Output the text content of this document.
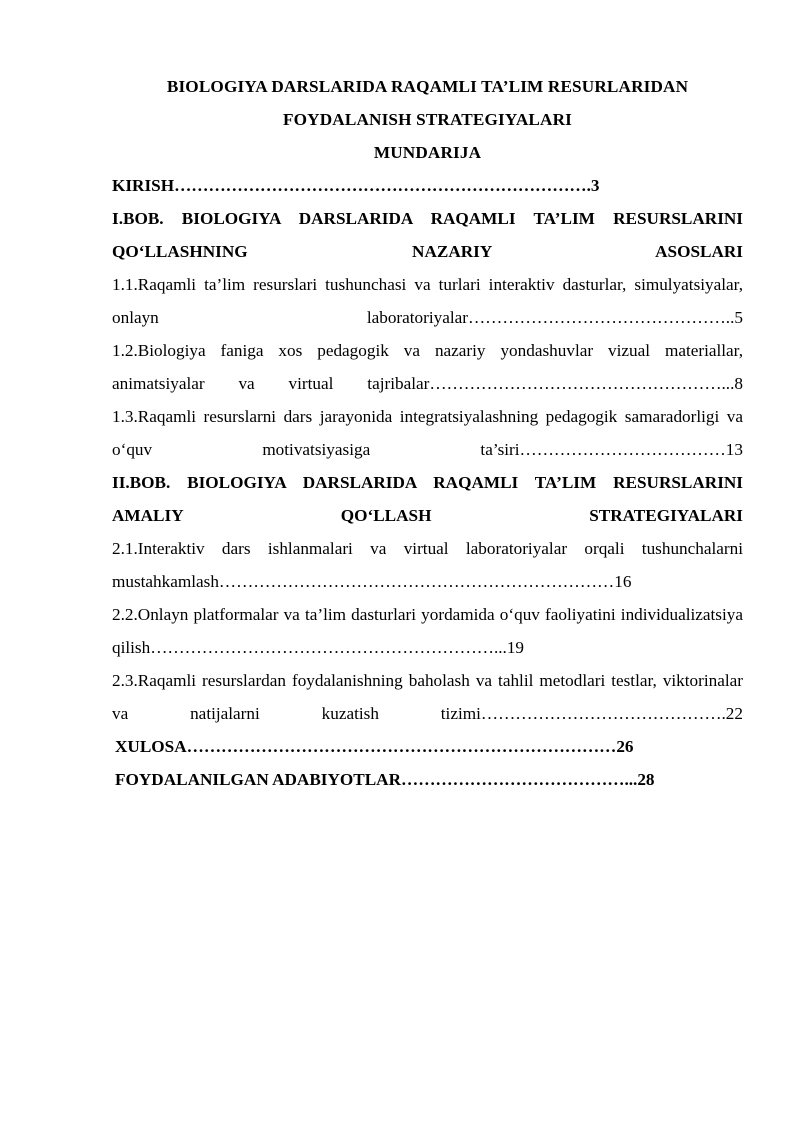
BIOLOGIYA DARSLARIDA RAQAMLI TA’LIM RESURLARIDAN
FOYDALANISH STRATEGIYALARI
MUNDARIJA
KIRISH……………………………………………………………….3
I.BOB. BIOLOGIYA DARSLARIDA RAQAMLI TA’LIM RESURSLARINI QO‘LLASHNING NAZARIY ASOSLARI
1.1.Raqamli ta’lim resurslari tushunchasi va turlari interaktiv dasturlar, simulyatsiyalar, onlayn laboratoriyalar………………………………………..5
1.2.Biologiya faniga xos pedagogik va nazariy yondashuvlar vizual materiallar, animatsiyalar va virtual tajribalar……………………………………………...8
1.3.Raqamli resurslarni dars jarayonida integratsiyalashning pedagogik samaradorligi va o‘quv motivatsiyasiga ta’siri………………………………13
II.BOB. BIOLOGIYA DARSLARIDA RAQAMLI TA’LIM RESURSLARINI AMALIY QO‘LLASH STRATEGIYALARI
2.1.Interaktiv dars ishlanmalari va virtual laboratoriyalar orqali tushunchalarni mustahkamlash……………………………………………………………16
2.2.Onlayn platformalar va ta’lim dasturlari yordamida o‘quv faoliyatini individualizatsiya qilish……………………………………………………...19
2.3.Raqamli resurslardan foydalanishning baholash va tahlil metodlari testlar, viktorinalar va natijalarni kuzatish tizimi…………………………………….22
XULOSA…………………………………………………………………26
FOYDALANILGAN ADABIYOTLAR…………………………………...28
